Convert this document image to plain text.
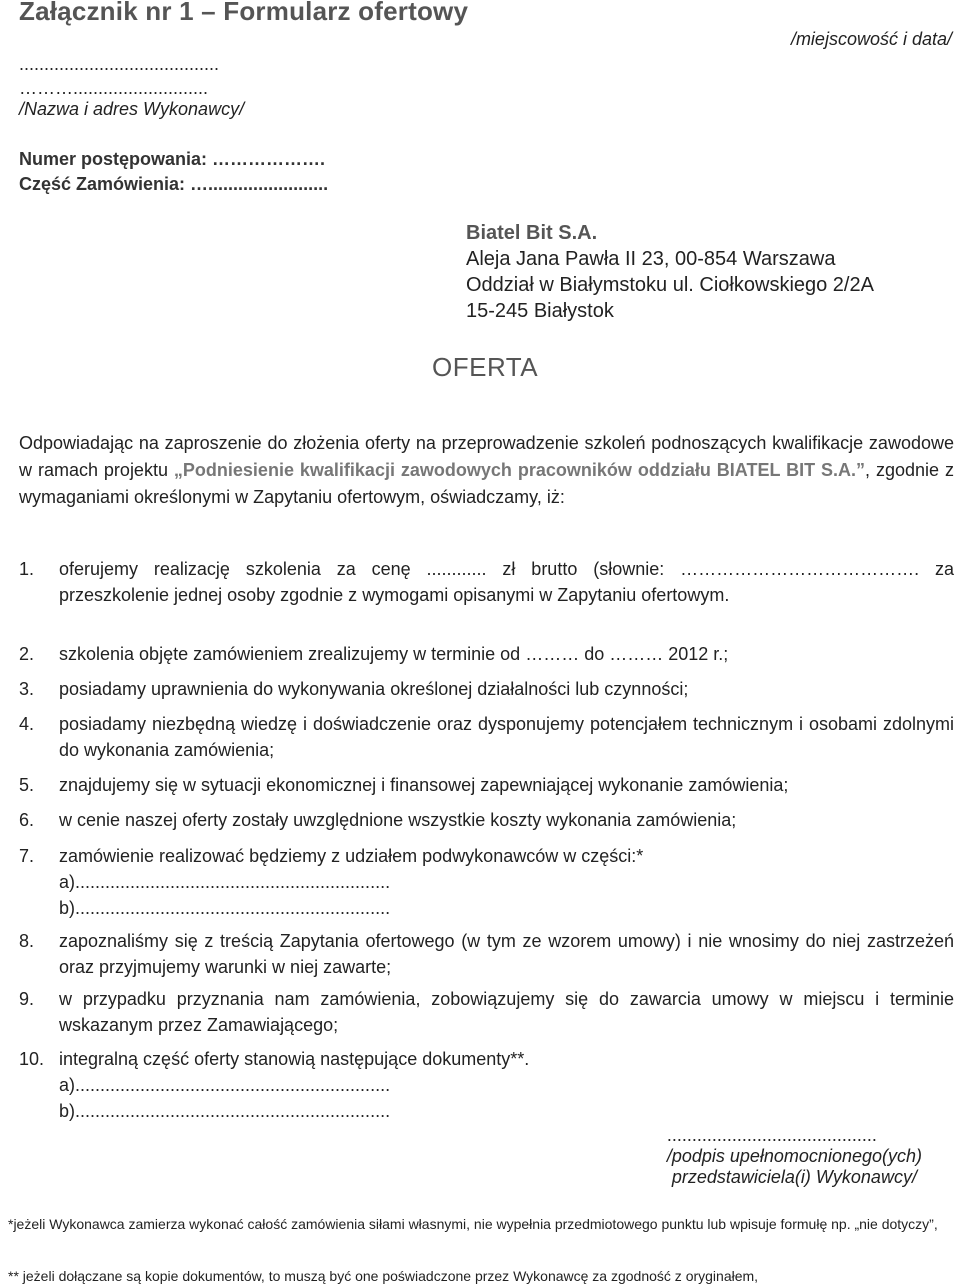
Załącznik nr 1 – Formularz ofertowy
/miejscowość i data/
........................................
………...........................
/Nazwa i adres Wykonawcy/
Numer postępowania: ……………….
Część Zamówienia: …........................
Biatel Bit S.A.
Aleja Jana Pawła II 23, 00-854 Warszawa
Oddział w Białymstoku ul. Ciołkowskiego 2/2A
15-245 Białystok
OFERTA
Odpowiadając na zaproszenie do złożenia oferty na przeprowadzenie szkoleń podnoszących kwalifikacje zawodowe w ramach projektu „Podniesienie kwalifikacji zawodowych pracowników oddziału BIATEL BIT S.A.”, zgodnie z wymaganiami określonymi w Zapytaniu ofertowym, oświadczamy, iż:
1. oferujemy realizację szkolenia za cenę ............ zł brutto (słownie: …………………………………. za przeszkolenie jednej osoby zgodnie z wymogami opisanymi w Zapytaniu ofertowym.
2. szkolenia objęte zamówieniem zrealizujemy w terminie od ……… do ……… 2012 r.;
3. posiadamy uprawnienia do wykonywania określonej działalności lub czynności;
4. posiadamy niezbędną wiedzę i doświadczenie oraz dysponujemy potencjałem technicznym i osobami zdolnymi do wykonania zamówienia;
5. znajdujemy się w sytuacji ekonomicznej i finansowej zapewniającej wykonanie zamówienia;
6. w cenie naszej oferty zostały uwzględnione wszystkie koszty wykonania zamówienia;
7. zamówienie realizować będziemy z udziałem podwykonawców w części:*
a)...............................................................
b)...............................................................
8. zapoznaliśmy się z treścią Zapytania ofertowego (w tym ze wzorem umowy) i nie wnosimy do niej zastrzeżeń oraz przyjmujemy warunki w niej zawarte;
9. w przypadku przyznania nam zamówienia, zobowiązujemy się do zawarcia umowy w miejscu i terminie wskazanym przez Zamawiającego;
10. integralną część oferty stanowią następujące dokumenty**.
a)...............................................................
b)...............................................................
..........................................
/podpis upełnomocnionego(ych)
przedstawiciela(i) Wykonawcy/
*jeżeli Wykonawca zamierza wykonać całość zamówienia siłami własnymi, nie wypełnia przedmiotowego punktu lub wpisuje formułę np. „nie dotyczy”,
** jeżeli dołączane są kopie dokumentów, to muszą być one poświadczone przez Wykonawcę za zgodność z oryginałem,
